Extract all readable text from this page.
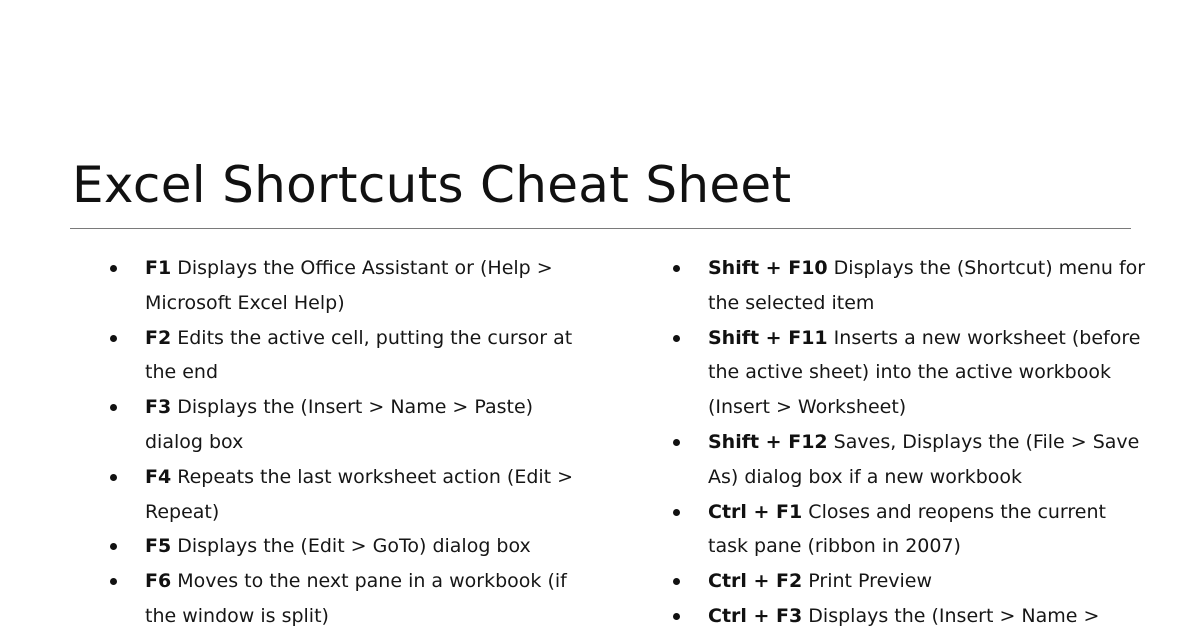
Excel Shortcuts Cheat Sheet
F1 Displays the Office Assistant or (Help >
Microsoft Excel Help)
F2 Edits the active cell, putting the cursor at
the end
F3 Displays the (Insert > Name > Paste)
dialog box
F4 Repeats the last worksheet action (Edit >
Repeat)
F5 Displays the (Edit > GoTo) dialog box
F6 Moves to the next pane in a workbook (if
the window is split)
Shift + F10 Displays the (Shortcut) menu for
the selected item
Shift + F11 Inserts a new worksheet (before
the active sheet) into the active workbook
(Insert > Worksheet)
Shift + F12 Saves, Displays the (File > Save
As) dialog box if a new workbook
Ctrl + F1 Closes and reopens the current
task pane (ribbon in 2007)
Ctrl + F2 Print Preview
Ctrl + F3 Displays the (Insert > Name >
